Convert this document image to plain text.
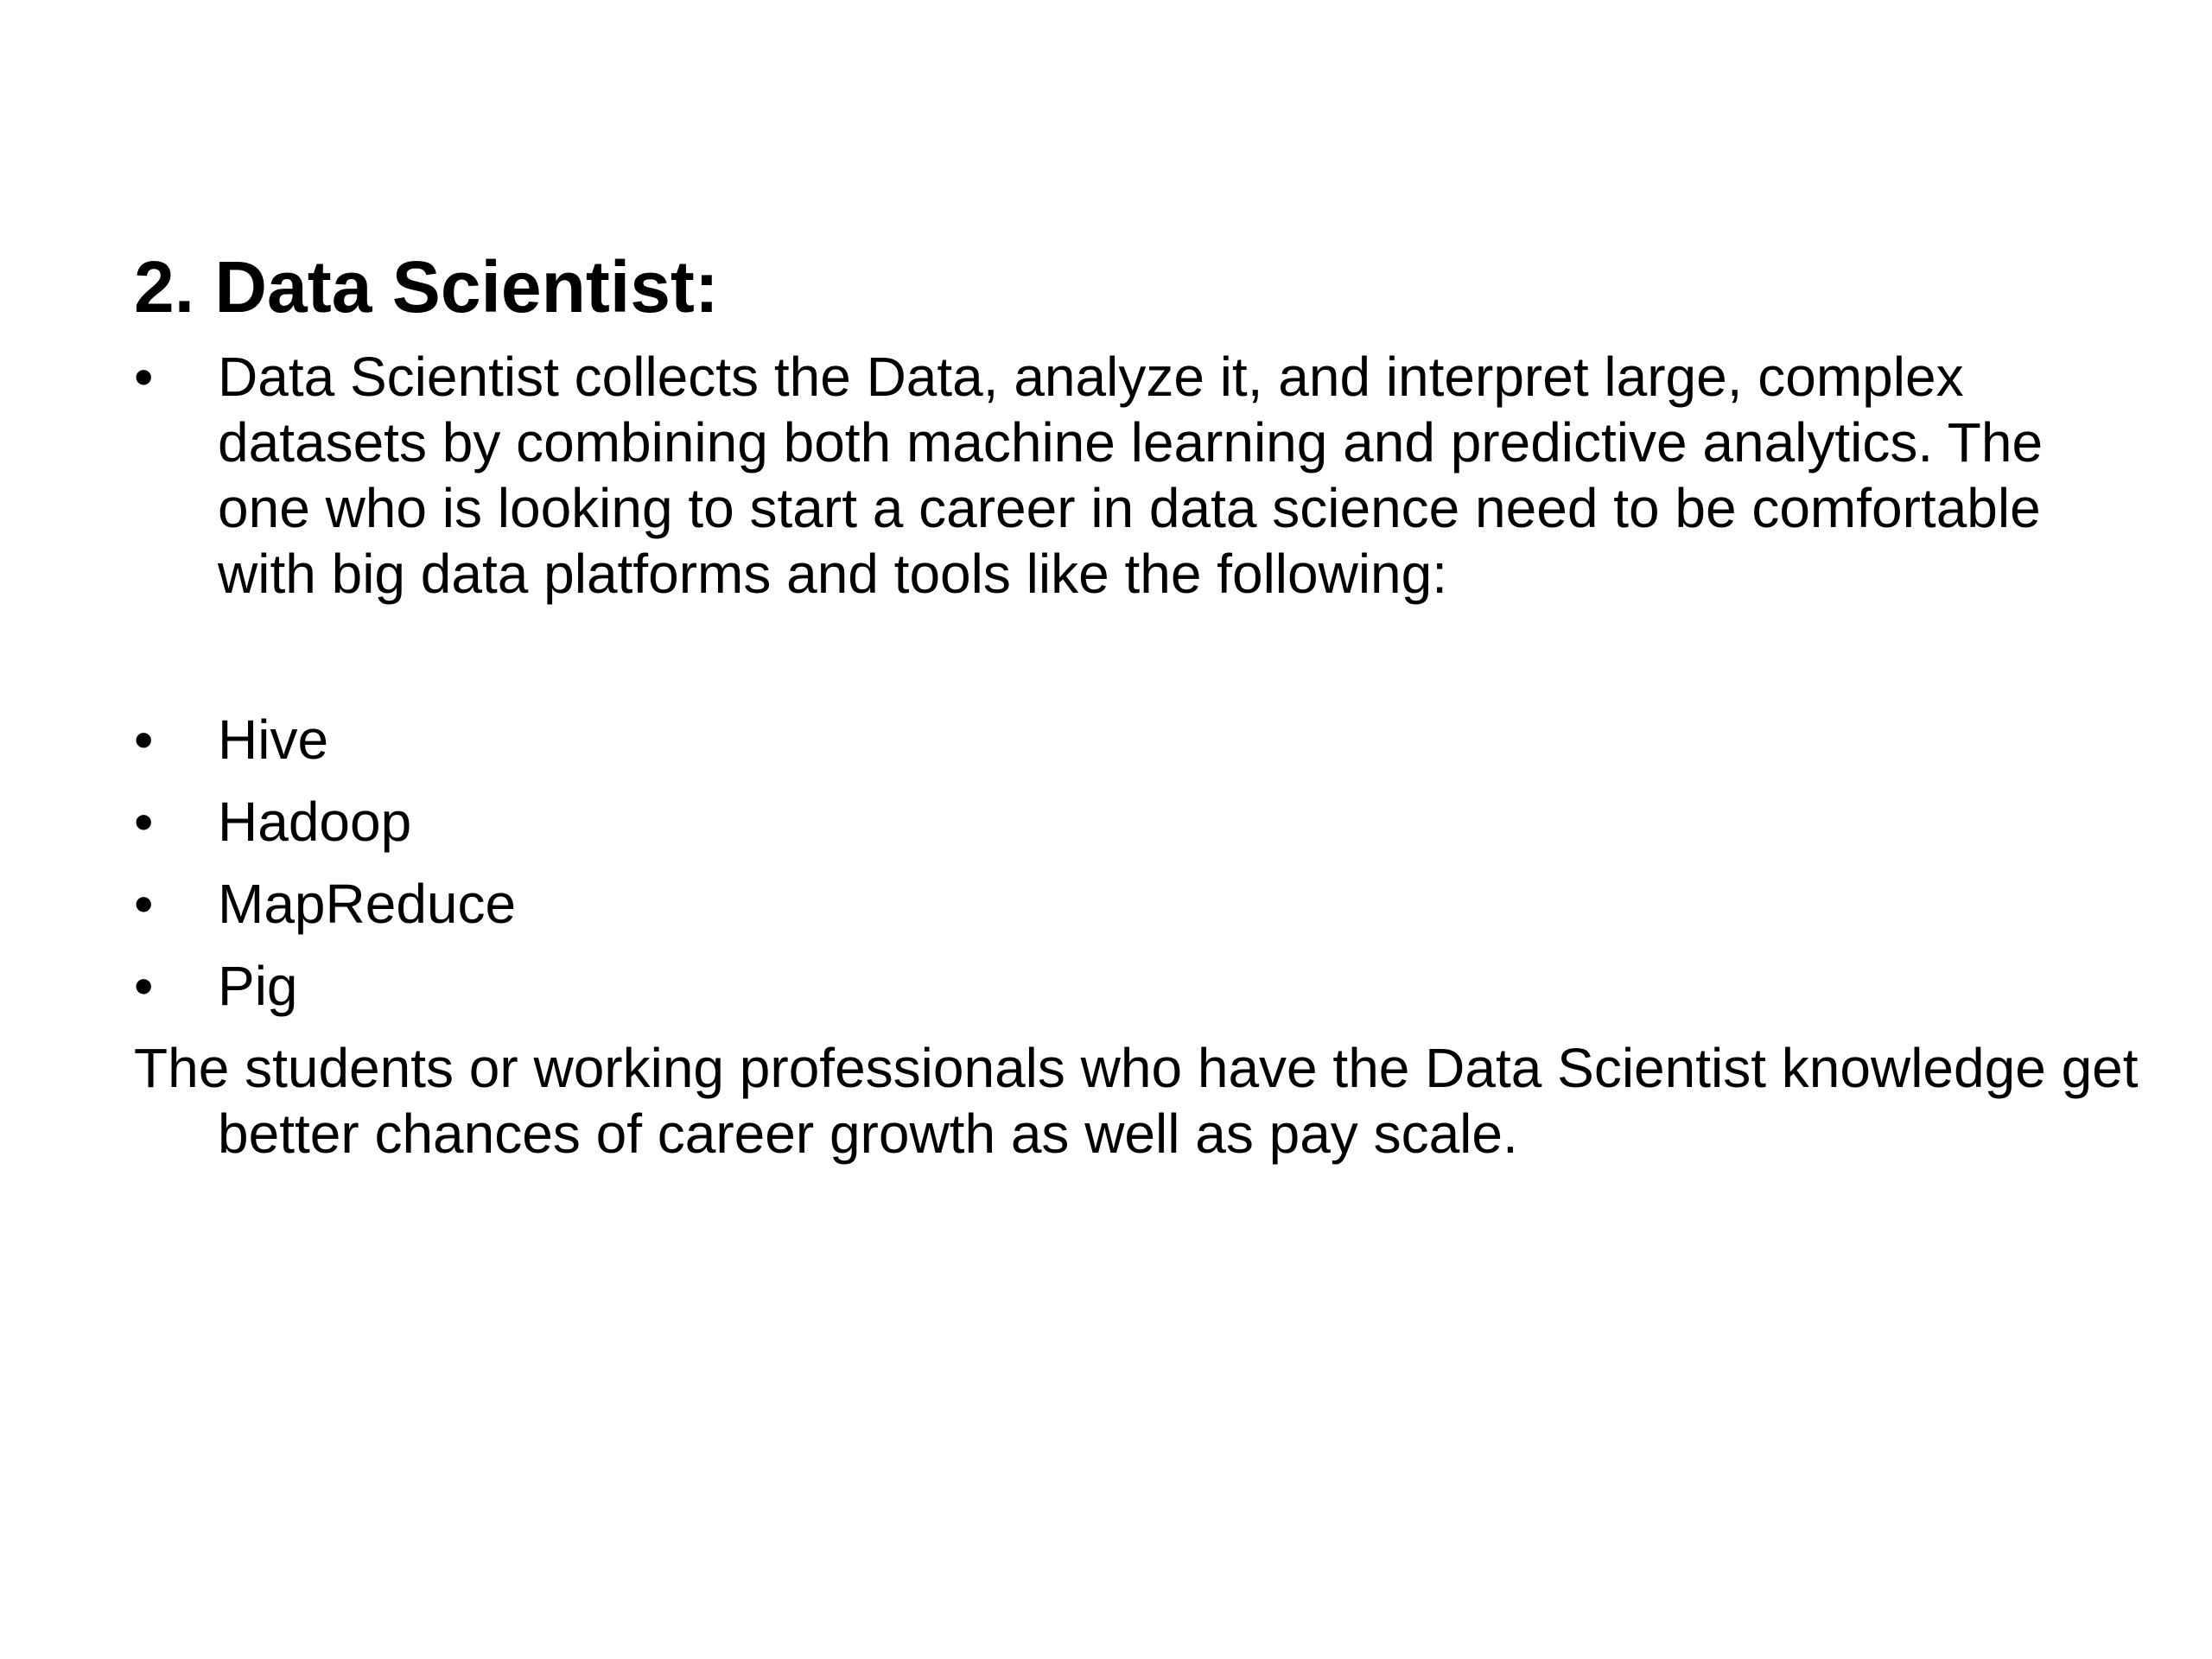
2. Data Scientist:
•	Data Scientist collects the Data, analyze it, and interpret large, complex datasets by combining both machine learning and predictive analytics. The one who is looking to start a career in data science need to be comfortable with big data platforms and tools like the following:

•	Hive
•	Hadoop
•	MapReduce
•	Pig

The students or working professionals who have the Data Scientist knowledge get better chances of career growth as well as pay scale.
